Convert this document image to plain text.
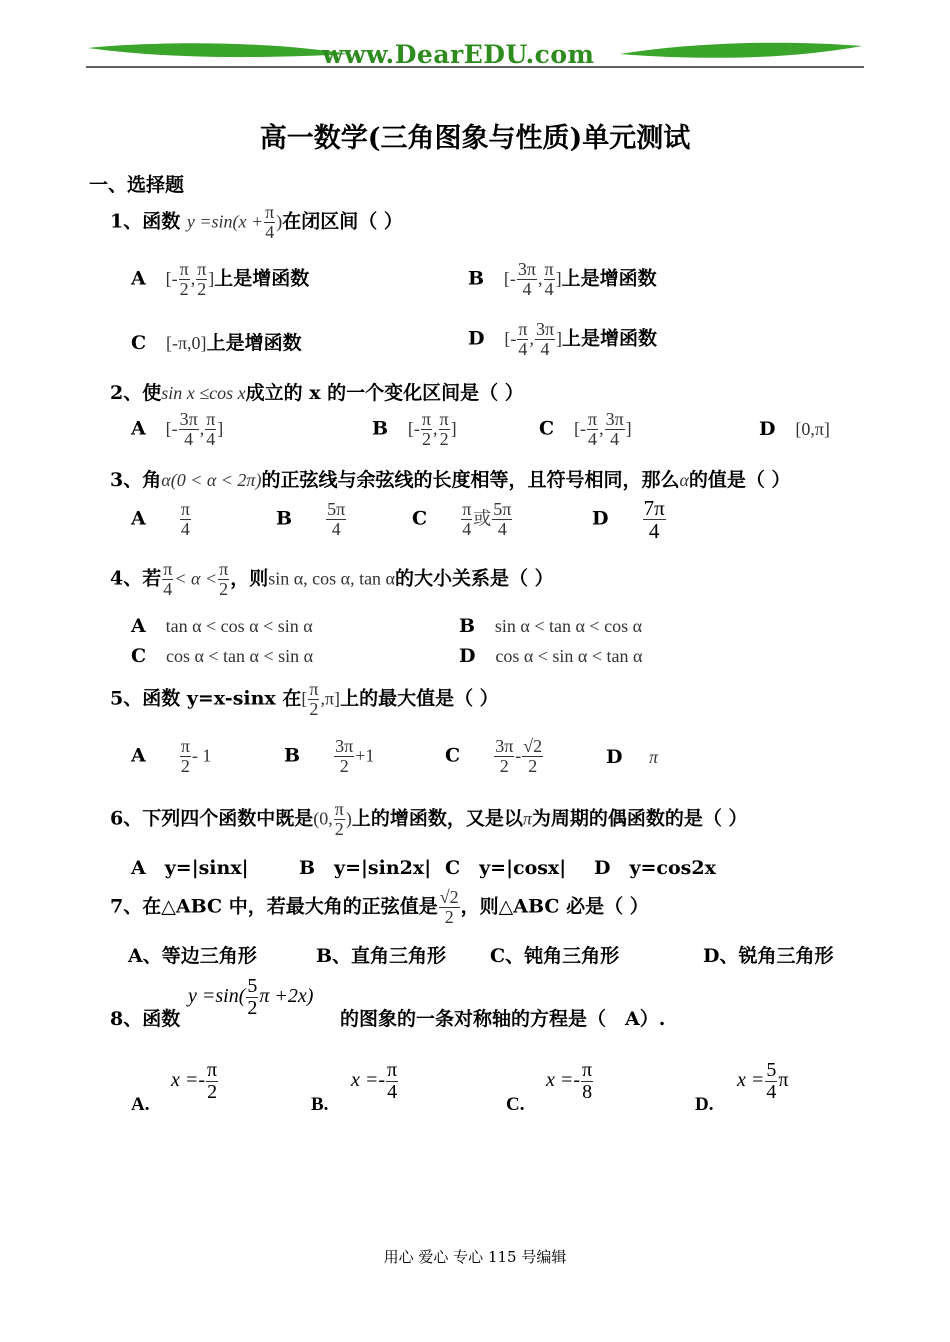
www.DearEDU.com
高一数学(三角图象与性质)单元测试
一、选择题
1、函数 $y =\sin(x + \frac{\pi}{4}$ )在闭区间（ ）
A [- $\frac{\pi}{2}$ , $\frac{\pi}{2}$ ]上是增函数	B [- $\frac{3\pi}{4}$ , $\frac{\pi}{4}$ ]上是增函数
C [-π,0]上是增函数	D [- $\frac{\pi}{4}$ , $\frac{3\pi}{4}$ ]上是增函数
2、使sin x ≤cos x成立的 x 的一个变化区间是（ ）
A [- $\frac{3\pi}{4}$ , $\frac{\pi}{4}$ ]	B [- $\frac{\pi}{2}$ , $\frac{\pi}{2}$ ]	C [- $\frac{\pi}{4}$ , $\frac{3\pi}{4}$ ]	D [0,π]
3、角α(0 < α < 2π)的正弦线与余弦线的长度相等，且符号相同，那么α的值是（ ）
A $\frac{\pi}{4}$	B $\frac{5\pi}{4}$	C $\frac{\pi}{4}$ 或 $\frac{5\pi}{4}$	D $\frac{7\pi}{4}$
4、若 $\frac{\pi}{4} < \alpha < \frac{\pi}{2}$ ，则sin α, cos α, tan α的大小关系是（ ）
A tan α < cos α < sin α	B sin α < tan α < cos α
C cos α < tan α < sin α	D cos α < sin α < tan α
5、函数 y=x-sinx 在[ $\frac{\pi}{2} ,\pi$]上的最大值是（ ）
A $\frac{\pi}{2} - 1$	B $\frac{3\pi}{2} +1$	C $\frac{3\pi}{2} - \frac{√2}{2}$	D π
6、下列四个函数中既是(0, $\frac{\pi}{2}$ )上的增函数，又是以π为周期的偶函数的是（ ）
A　y=|sinx|	B　y=|sin2x| C　y=|cosx| D　y=cos2x
7、在△ABC 中，若最大角的正弦值是 $\frac{√2}{2}$ ，则△ABC 必是（ ）
A、等边三角形	B、直角三角形 C、钝角三角形	D、锐角三角形
8、函数
$y =\sin( \frac{5}{2}$ π +2x)
的图象的一条对称轴的方程是（　A）.
A.
$x =- \frac{\pi}{2}$
B.
$x =- \frac{\pi}{4}$
C.
$x =- \frac{\pi}{8}$
D.
$x = \frac{5}{4}$ π
用心 爱心 专心 115 号编辑
